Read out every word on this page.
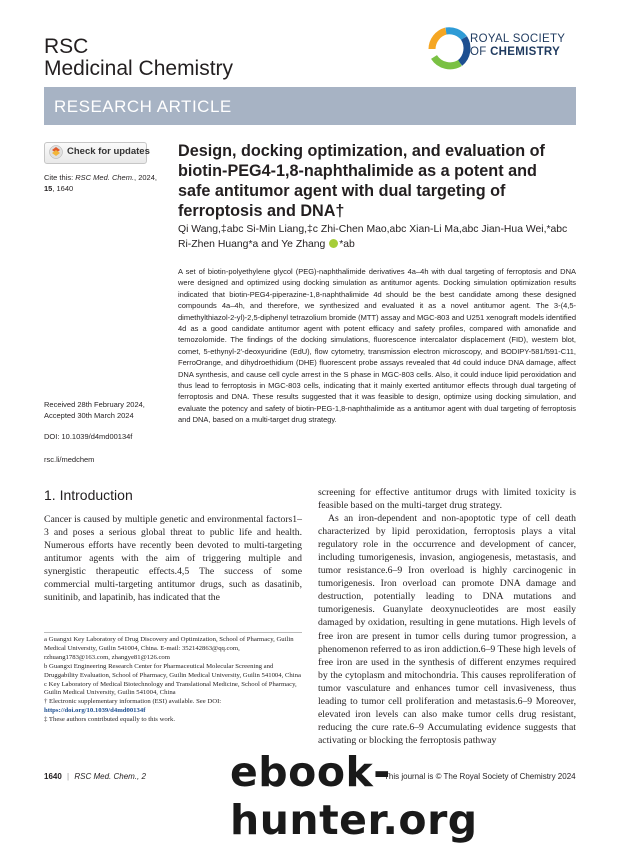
RSC
Medicinal Chemistry
ROYAL SOCIETY
OF CHEMISTRY
RESEARCH ARTICLE
Check for updates
Cite this: RSC Med. Chem., 2024, 15, 1640
Received 28th February 2024,
Accepted 30th March 2024
DOI: 10.1039/d4md00134f
rsc.li/medchem
Design, docking optimization, and evaluation of biotin-PEG4-1,8-naphthalimide as a potent and safe antitumor agent with dual targeting of ferroptosis and DNA†
Qi Wang,‡abc Si-Min Liang,‡c Zhi-Chen Mao,abc Xian-Li Ma,abc Jian-Hua Wei,*abc
Ri-Zhen Huang*a and Ye Zhang *ab
A set of biotin-polyethylene glycol (PEG)-naphthalimide derivatives 4a–4h with dual targeting of ferroptosis and DNA were designed and optimized using docking simulation as antitumor agents. Docking simulation optimization results indicated that biotin-PEG4-piperazine-1,8-naphthalimide 4d should be the best candidate among these designed compounds 4a–4h, and therefore, we synthesized and evaluated it as a novel antitumor agent. The 3-(4,5-dimethylthiazol-2-yl)-2,5-diphenyl tetrazolium bromide (MTT) assay and MGC-803 and U251 xenograft models identified 4d as a good candidate antitumor agent with potent efficacy and safety profiles, compared with amonafide and temozolomide. The findings of the docking simulations, fluorescence intercalator displacement (FID), western blot, comet, 5-ethynyl-2′-deoxyuridine (EdU), flow cytometry, transmission electron microscopy, and BODIPY-581/591-C11, FerroOrange, and dihydroethidium (DHE) fluorescent probe assays revealed that 4d could induce DNA damage, affect DNA synthesis, and cause cell cycle arrest in the S phase in MGC-803 cells. Also, it could induce lipid peroxidation and thus lead to ferroptosis in MGC-803 cells, indicating that it mainly exerted antitumor effects through dual targeting of ferroptosis and DNA. These results suggested that it was feasible to design, optimize using docking simulation, and evaluate the potency and safety of biotin-PEG-1,8-naphthalimide as a antitumor agent with dual targeting of ferroptosis and DNA, based on a multi-target drug strategy.
1. Introduction

Cancer is caused by multiple genetic and environmental factors1–3 and poses a serious global threat to public life and health. Numerous efforts have recently been devoted to multi-targeting antitumor agents with the aim of triggering multiple and synergistic therapeutic effects.4,5 The success of some commercial multi-targeting antitumor drugs, such as dasatinib, sunitinib, and lapatinib, has indicated that the

screening for effective antitumor drugs with limited toxicity is feasible based on the multi-target drug strategy.

As an iron-dependent and non-apoptotic type of cell death characterized by lipid peroxidation, ferroptosis plays a vital regulatory role in the occurrence and development of cancer, including tumorigenesis, invasion, angiogenesis, metastasis, and tumor resistance.6–9 Iron overload is highly carcinogenic in tumorigenesis. Iron overload can promote DNA damage and destruction, potentially leading to DNA mutations and tumorigenesis. Guanylate deoxynucleotides are most easily damaged by oxidation, resulting in gene mutations. High levels of free iron are present in tumor cells during tumor progression, a phenomenon referred to as iron addiction.6–9 These high levels of free iron are used in the synthesis of different enzymes required by the cytoplasm and mitochondria. This causes reproliferation of tumor vasculature and enhances tumor cell invasiveness, thus leading to tumor cell proliferation and metastasis.6–9 Moreover, elevated iron levels can also make tumor cells drug resistant, reducing the cure rate.6–9 Accumulating evidence suggests that activating or blocking the ferroptosis pathway

a Guangxi Key Laboratory of Drug Discovery and Optimization, School of Pharmacy, Guilin Medical University, Guilin 541004, China. E-mail: 352142863@qq.com, rzhuang1783@163.com, zhangye81@126.com

b Guangxi Engineering Research Center for Pharmaceutical Molecular Screening and Druggability Evaluation, School of Pharmacy, Guilin Medical University, Guilin 541004, China

c Key Laboratory of Medical Biotechnology and Translational Medicine, School of Pharmacy, Guilin Medical University, Guilin 541004, China

† Electronic supplementary information (ESI) available. See DOI: https://doi.org/10.1039/d4md00134f

‡ These authors contributed equally to this work.

1640 | RSC Med. Chem., 2	This journal is © The Royal Society of Chemistry 2024
ebook-hunter.org
